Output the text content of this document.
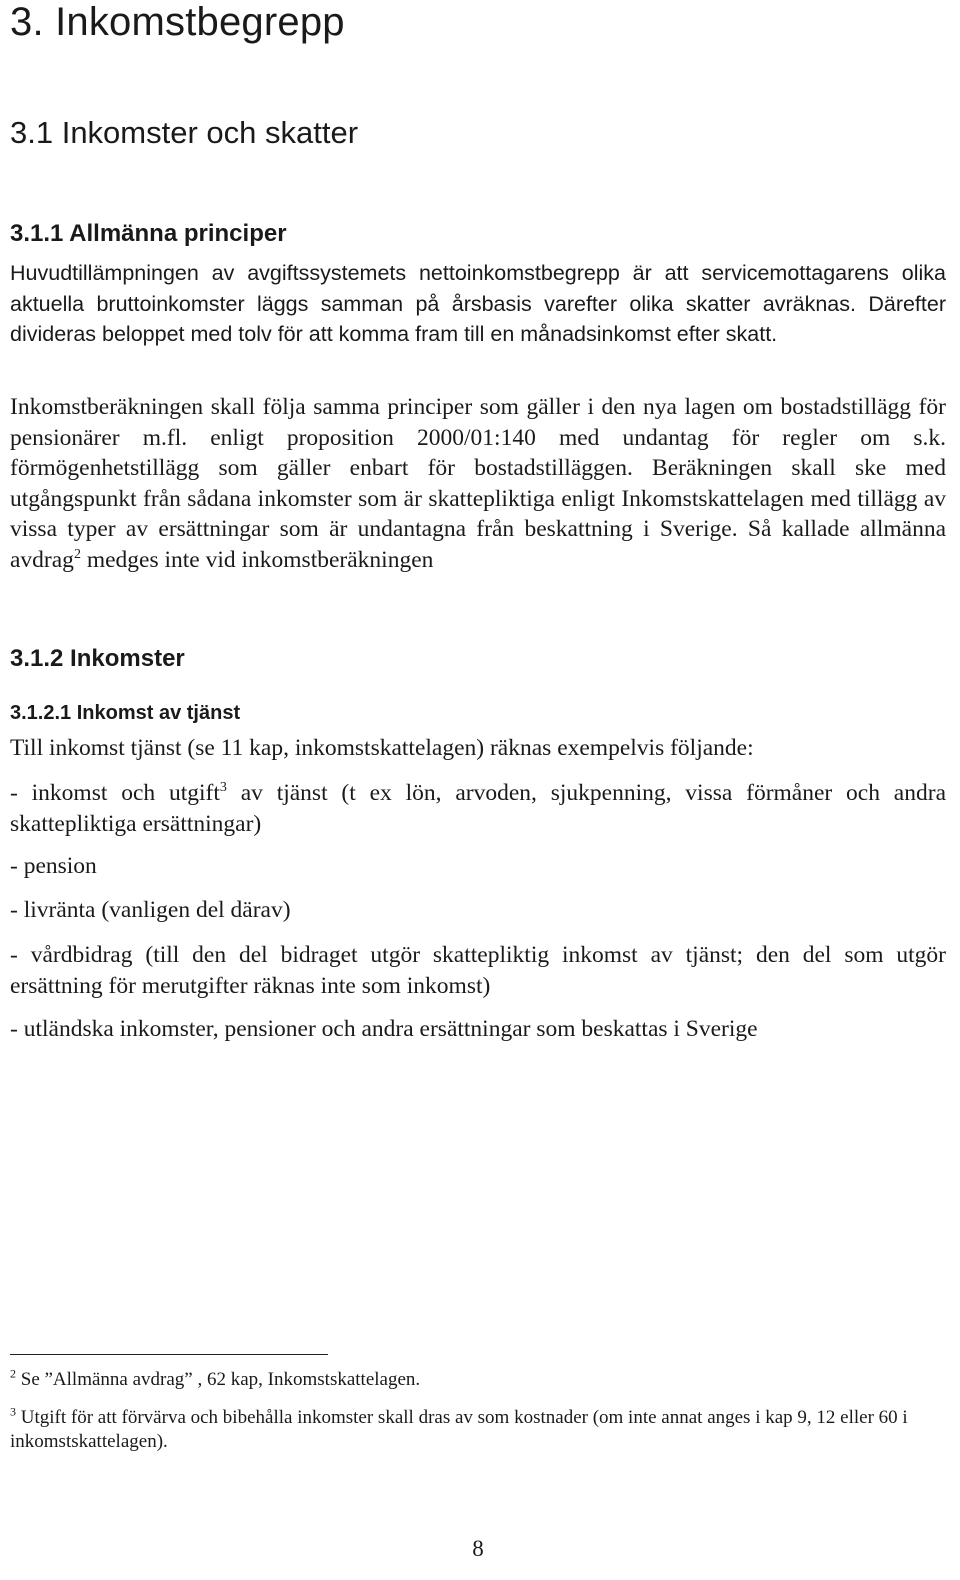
3. Inkomstbegrepp
3.1 Inkomster och skatter
3.1.1 Allmänna principer

Huvudtillämpningen av avgiftssystemets nettoinkomstbegrepp är att servicemottagarens olika aktuella bruttoinkomster läggs samman på årsbasis varefter olika skatter avräknas. Därefter divideras beloppet med tolv för att komma fram till en månadsinkomst efter skatt.

Inkomstberäkningen skall följa samma principer som gäller i den nya lagen om bostadstillägg för pensionärer m.fl. enligt proposition 2000/01:140 med undantag för regler om s.k. förmögenhetstillägg som gäller enbart för bostadstilläggen. Beräkningen skall ske med utgångspunkt från sådana inkomster som är skattepliktiga enligt Inkomstskattelagen med tillägg av vissa typer av ersättningar som är undantagna från beskattning i Sverige. Så kallade allmänna avdrag$^2$ medges inte vid inkomstberäkningen

3.1.2 Inkomster
3.1.2.1 Inkomst av tjänst

Till inkomst tjänst (se 11 kap, inkomstskattelagen) räknas exempelvis följande:

- inkomst och utgift$^3$ av tjänst (t ex lön, arvoden, sjukpenning, vissa förmåner och andra skattepliktiga ersättningar)

- pension

- livränta (vanligen del därav)

- vårdbidrag (till den del bidraget utgör skattepliktig inkomst av tjänst; den del som utgör ersättning för merutgifter räknas inte som inkomst)

- utländska inkomster, pensioner och andra ersättningar som beskattas i Sverige

$^2$ Se ”Allmänna avdrag” , 62 kap, Inkomstskattelagen.

$^3$ Utgift för att förvärva och bibehålla inkomster skall dras av som kostnader (om inte annat anges i kap 9, 12 eller 60 i inkomstskattelagen).

8
